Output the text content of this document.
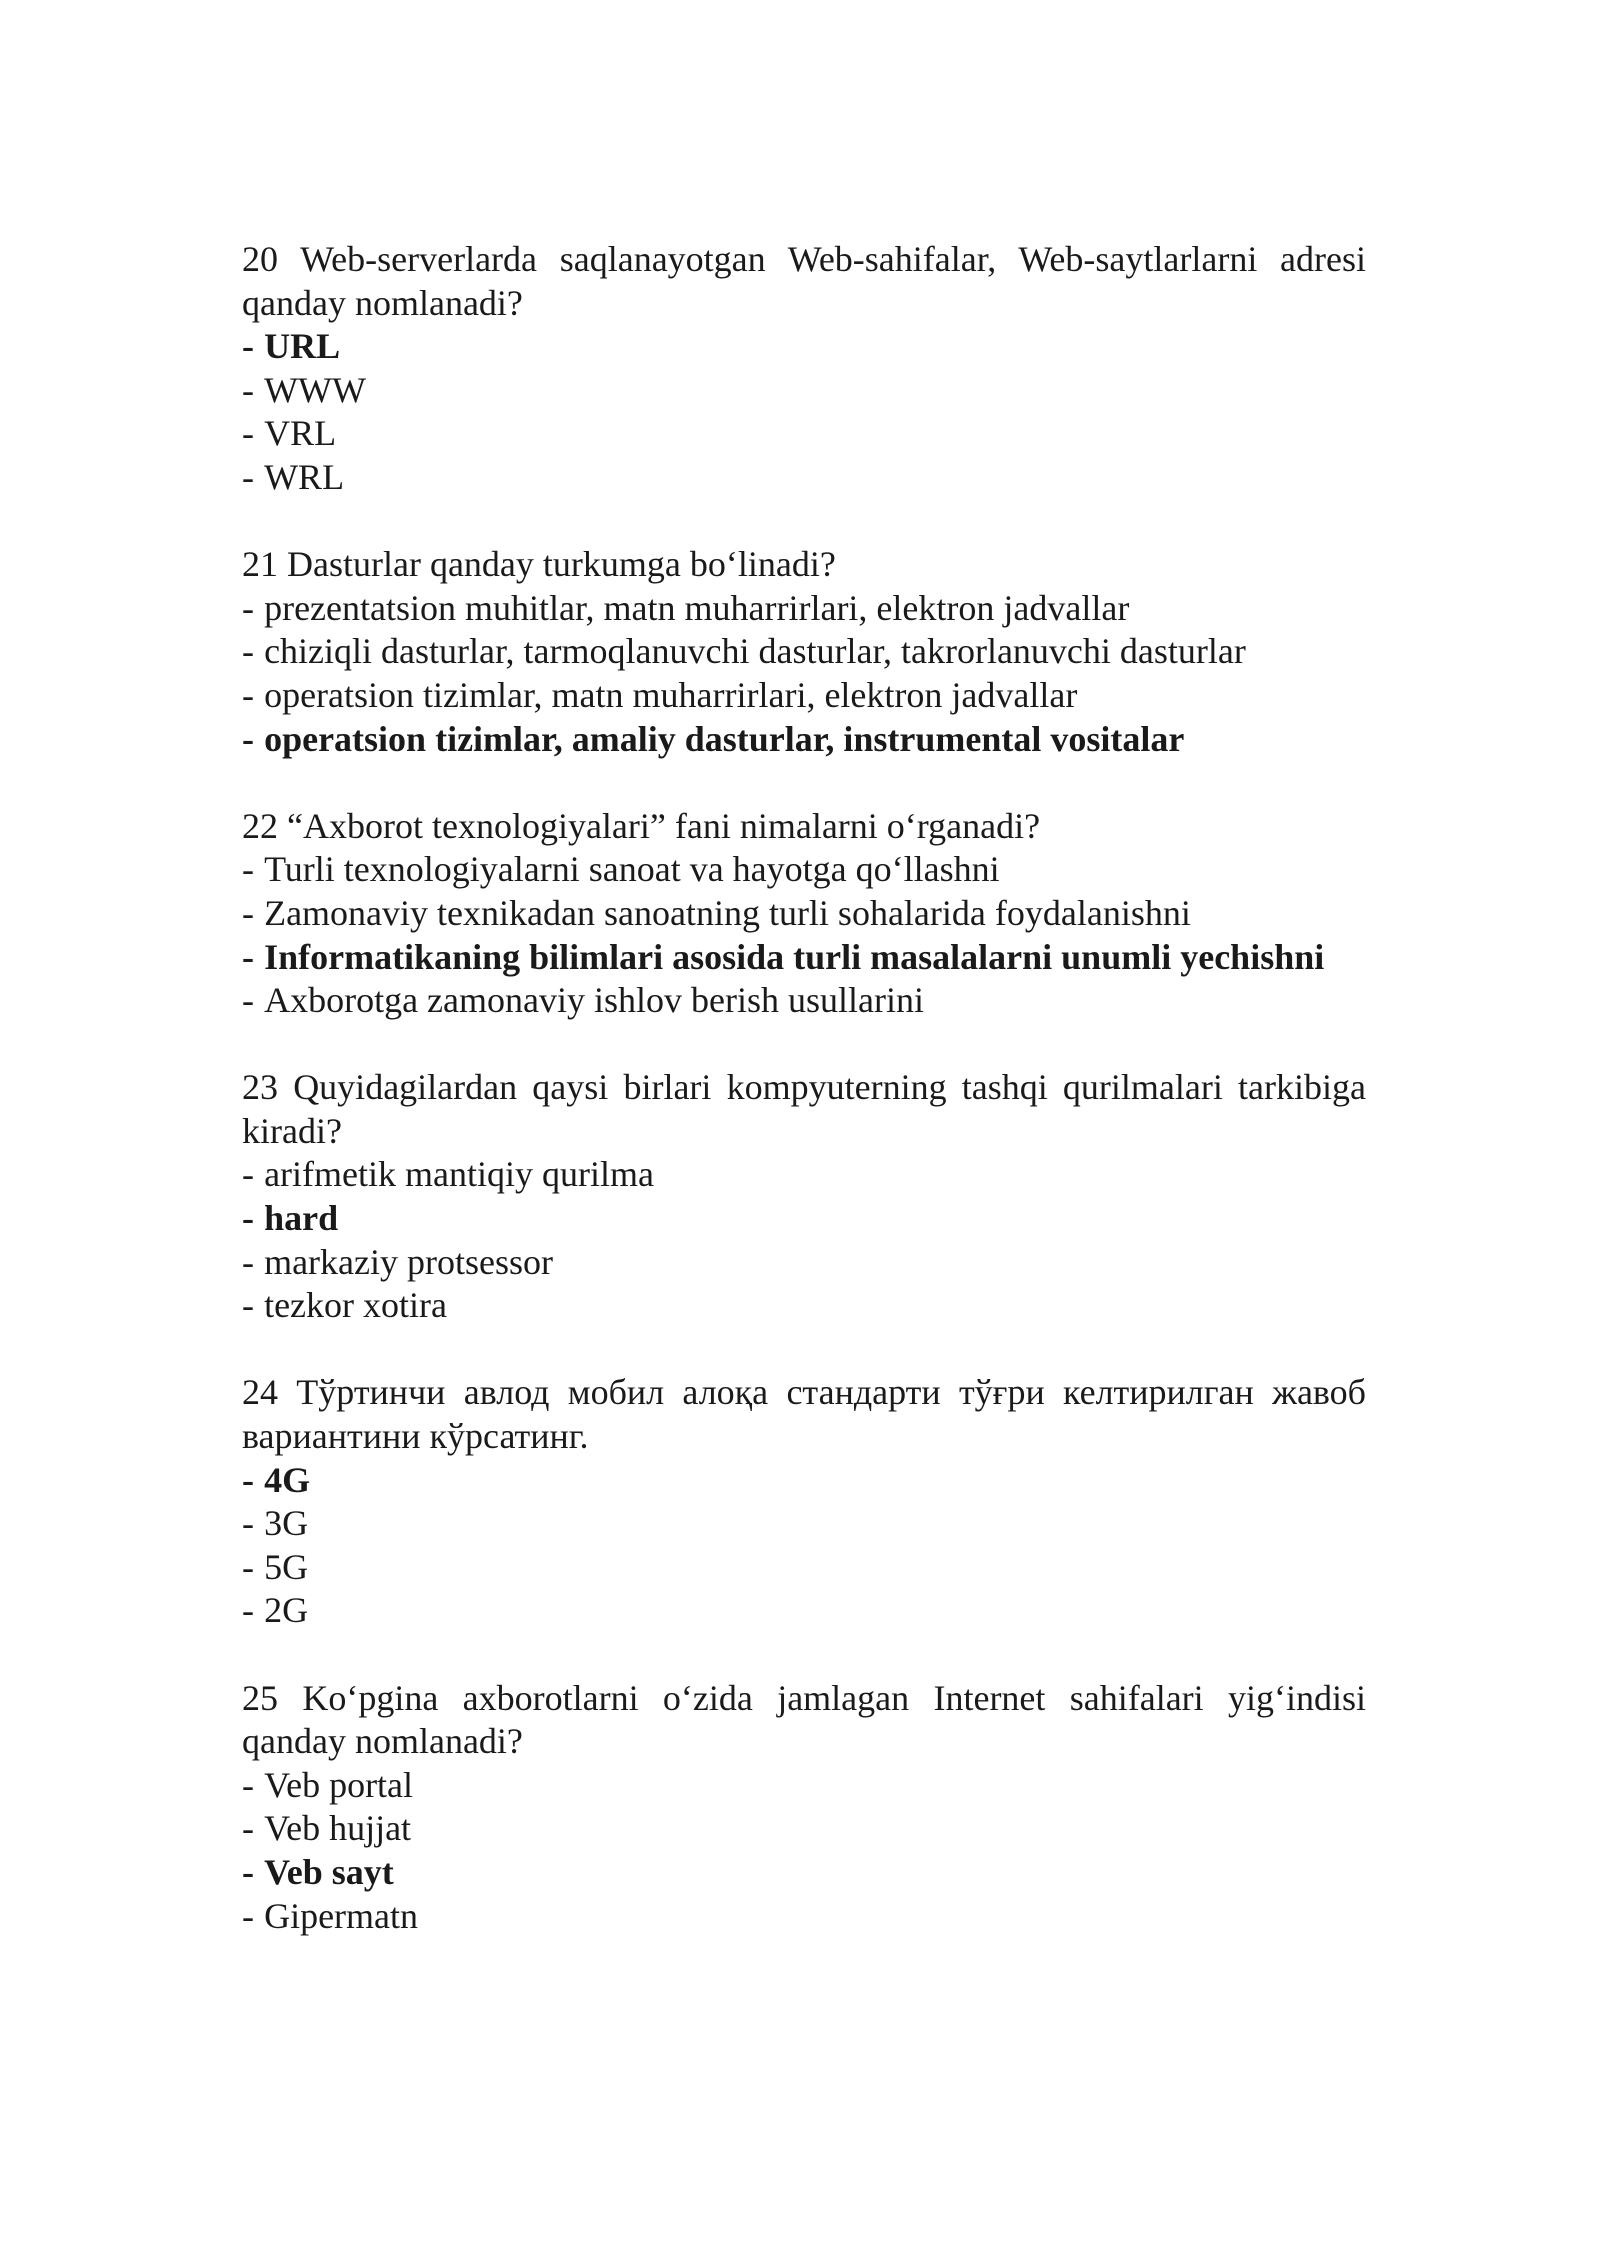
20 Web-serverlarda saqlanayotgan Web-sahifalar, Web-saytlarlarni adresi qanday nomlanadi?
- URL
- WWW
- VRL
- WRL
21 Dasturlar qanday turkumga bo‘linadi?
- prezentatsion muhitlar, matn muharrirlari, elektron jadvallar
- chiziqli dasturlar, tarmoqlanuvchi dasturlar, takrorlanuvchi dasturlar
- operatsion tizimlar, matn muharrirlari, elektron jadvallar
- operatsion tizimlar, amaliy dasturlar, instrumental vositalar
22 “Axborot texnologiyalari” fani nimalarni o‘rganadi?
- Turli texnologiyalarni sanoat va hayotga qo‘llashni
- Zamonaviy texnikadan sanoatning turli sohalarida foydalanishni
- Informatikaning bilimlari asosida turli masalalarni unumli yechishni
- Axborotga zamonaviy ishlov berish usullarini
23 Quyidagilardan qaysi birlari kompyuterning tashqi qurilmalari tarkibiga kiradi?
- arifmetik mantiqiy qurilma
- hard
- markaziy protsessor
- tezkor xotira
24 Тўртинчи авлод мобил алоқа стандарти тўғри келтирилган жавоб вариантини кўрсатинг.
- 4G
- 3G
- 5G
- 2G
25 Ko‘pgina axborotlarni o‘zida jamlagan Internet sahifalari yig‘indisi qanday nomlanadi?
- Veb portal
- Veb hujjat
- Veb sayt
- Gipermatn
